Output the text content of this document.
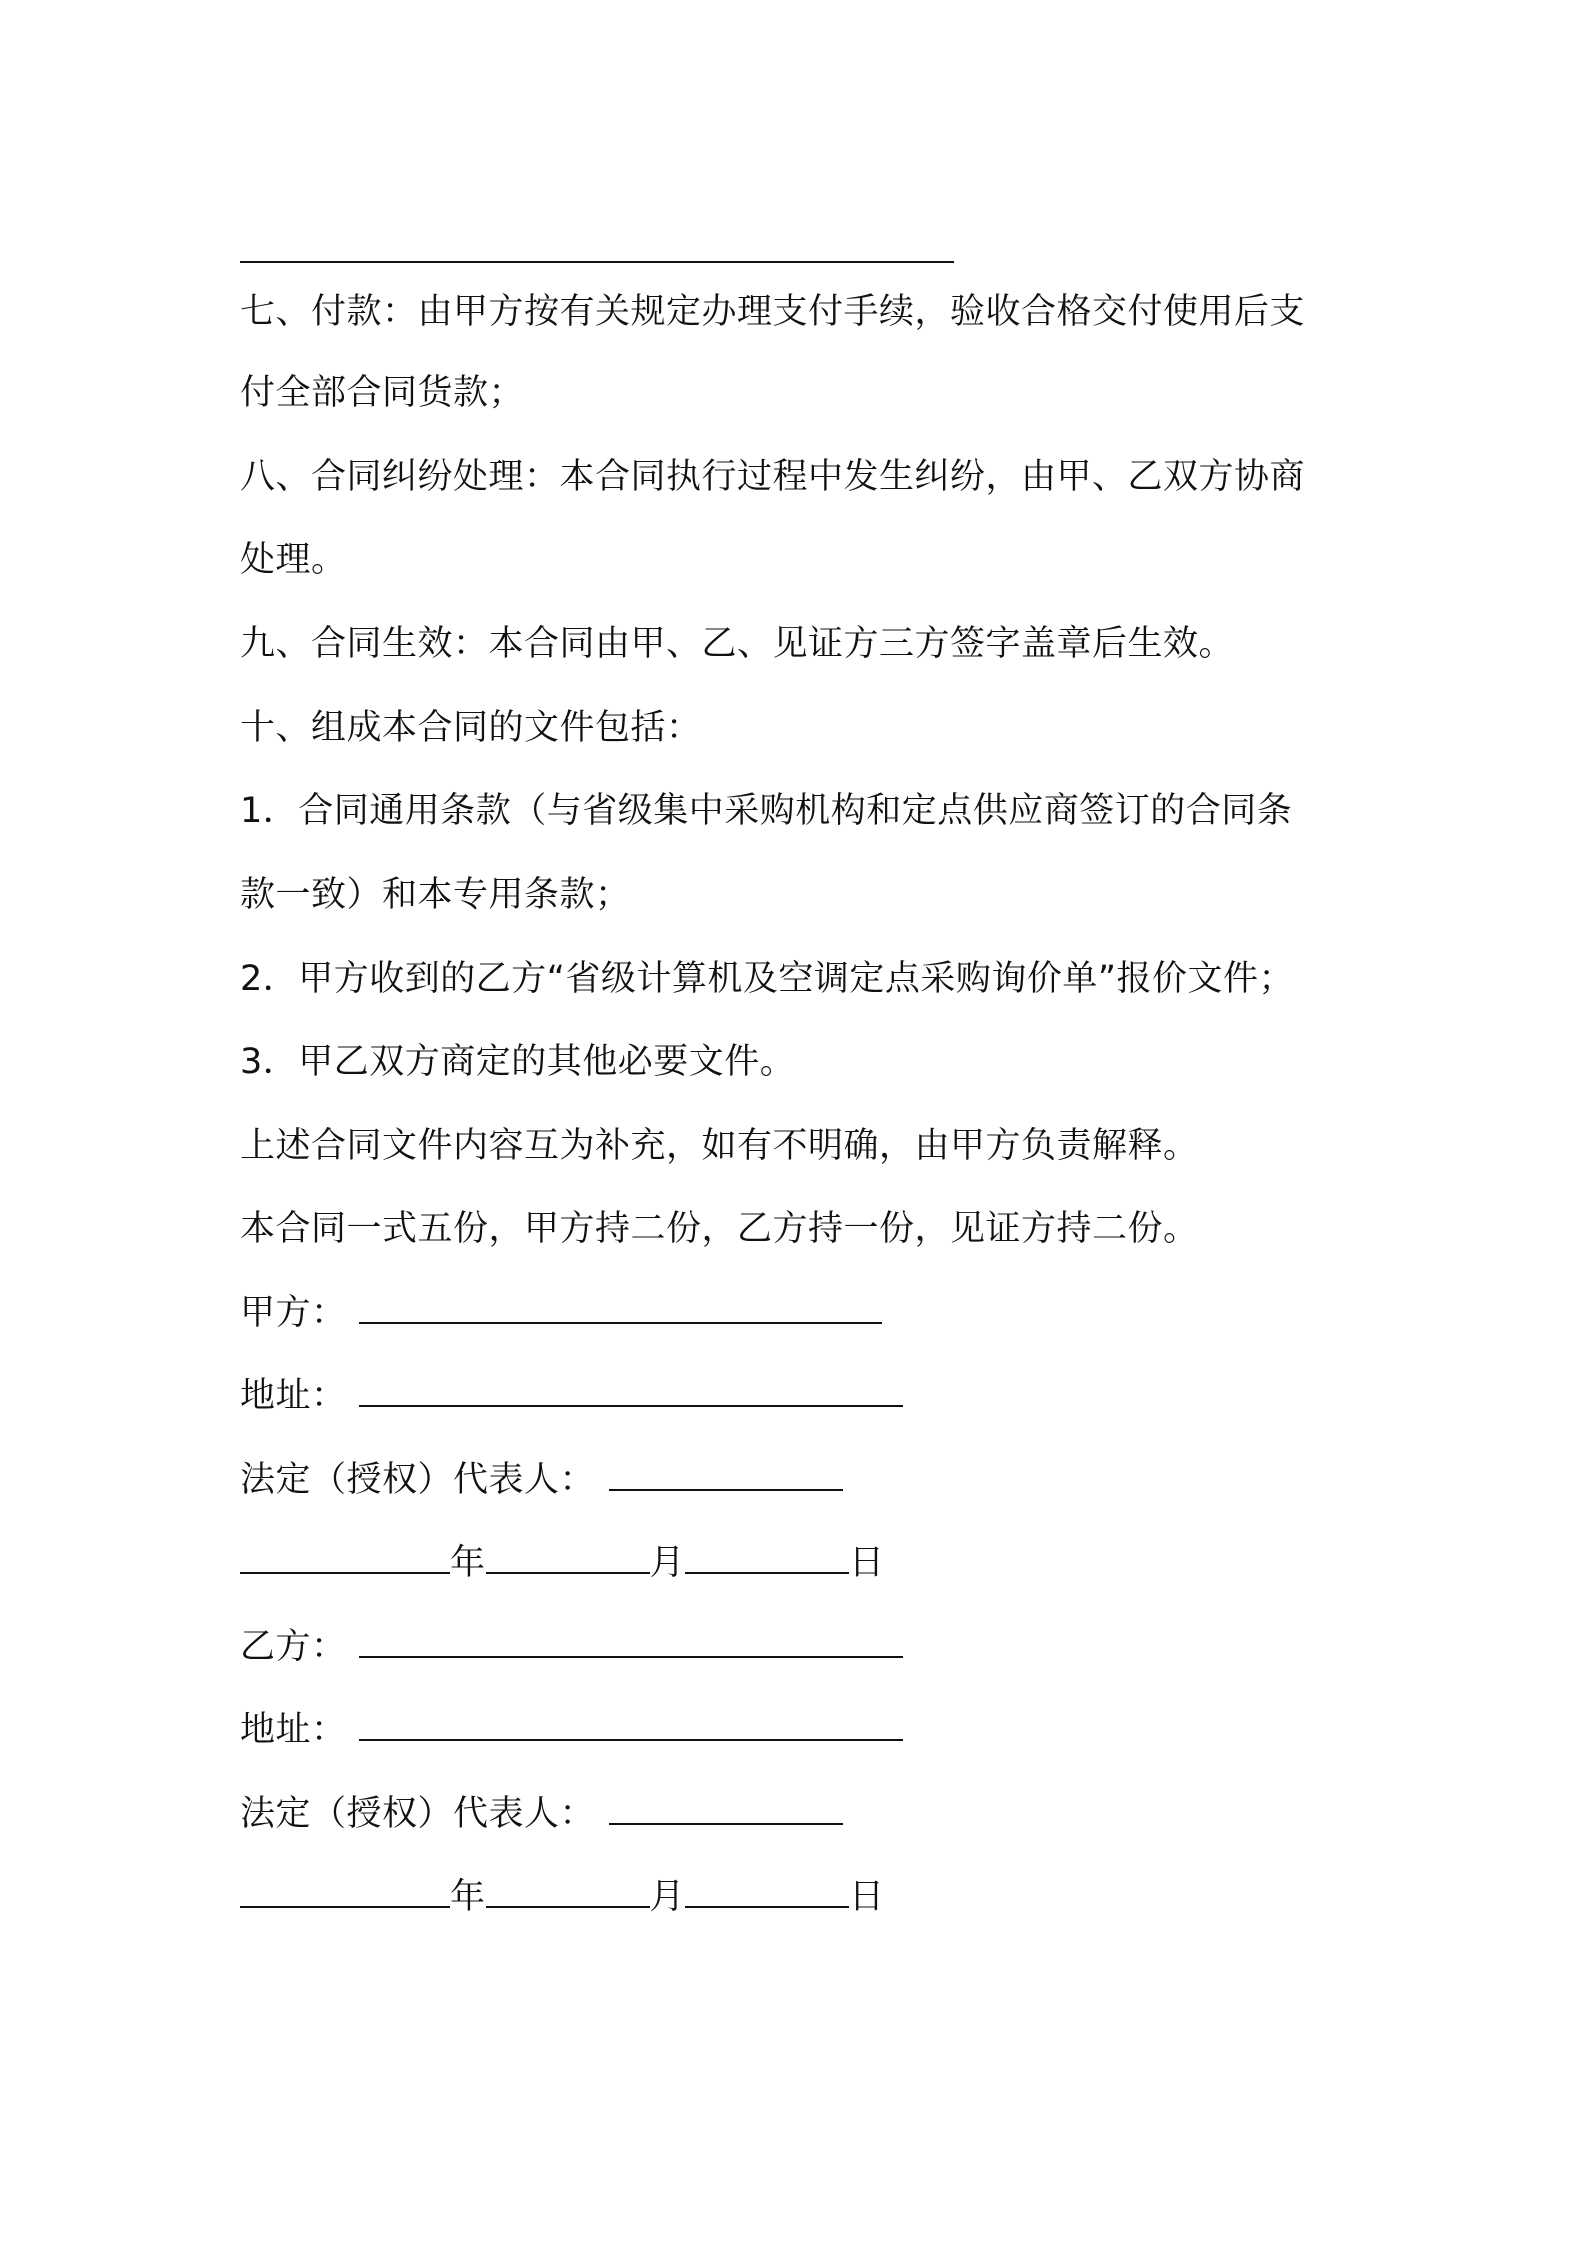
七、付款：由甲方按有关规定办理支付手续，验收合格交付使用后支
付全部合同货款；
八、合同纠纷处理：本合同执行过程中发生纠纷，由甲、乙双方协商
处理。
九、合同生效：本合同由甲、乙、见证方三方签字盖章后生效。
十、组成本合同的文件包括：
1．合同通用条款（与省级集中采购机构和定点供应商签订的合同条
款一致）和本专用条款；
2．甲方收到的乙方“省级计算机及空调定点采购询价单”报价文件；
3．甲乙双方商定的其他必要文件。
上述合同文件内容互为补充，如有不明确，由甲方负责解释。
本合同一式五份，甲方持二份，乙方持一份，见证方持二份。
甲方：
地址：
法定（授权）代表人：
年	月	日
乙方：
地址：
法定（授权）代表人：
年	月	日
